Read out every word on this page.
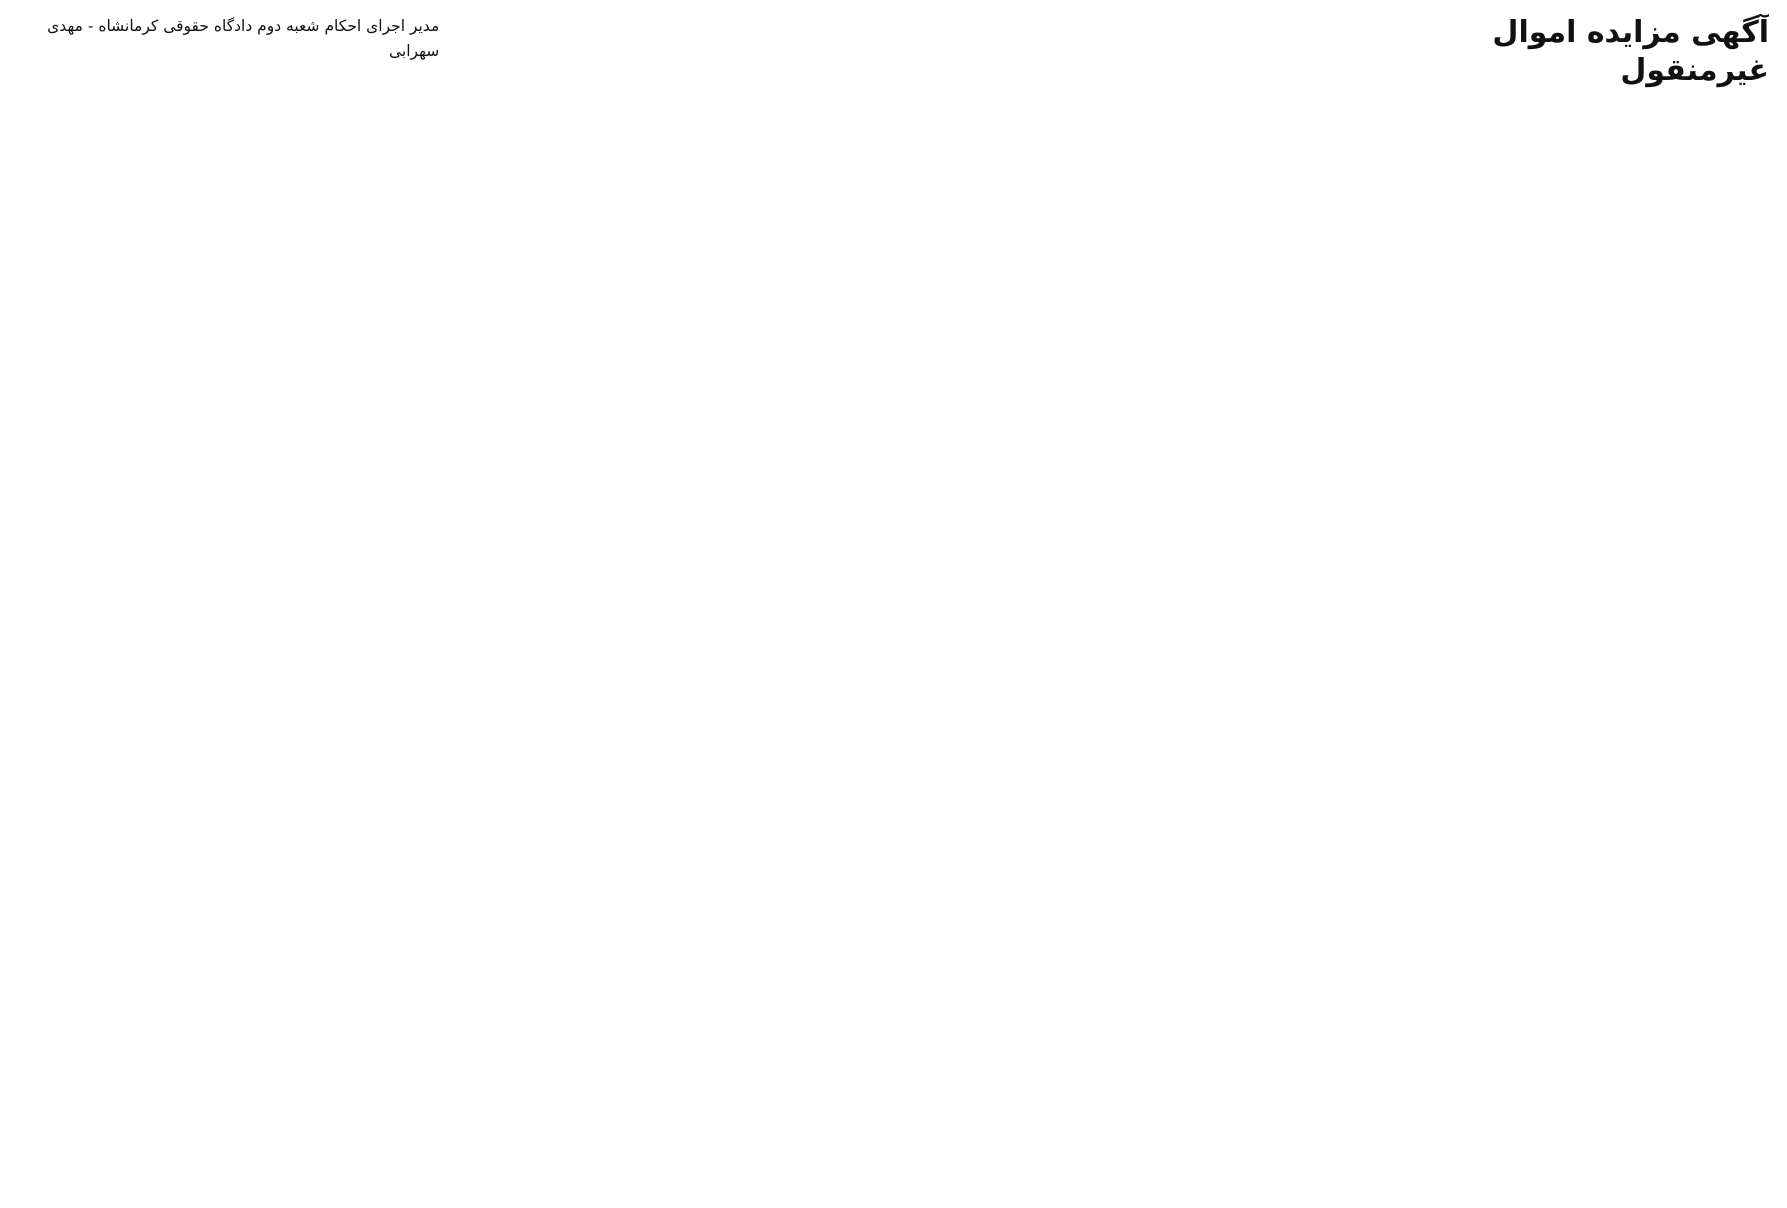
آگهی مزایده اموال غیرمنقول

مدیر اجرای احکام شعبه دوم دادگاه حقوقی کرمانشاه - مهدی سهرابی
